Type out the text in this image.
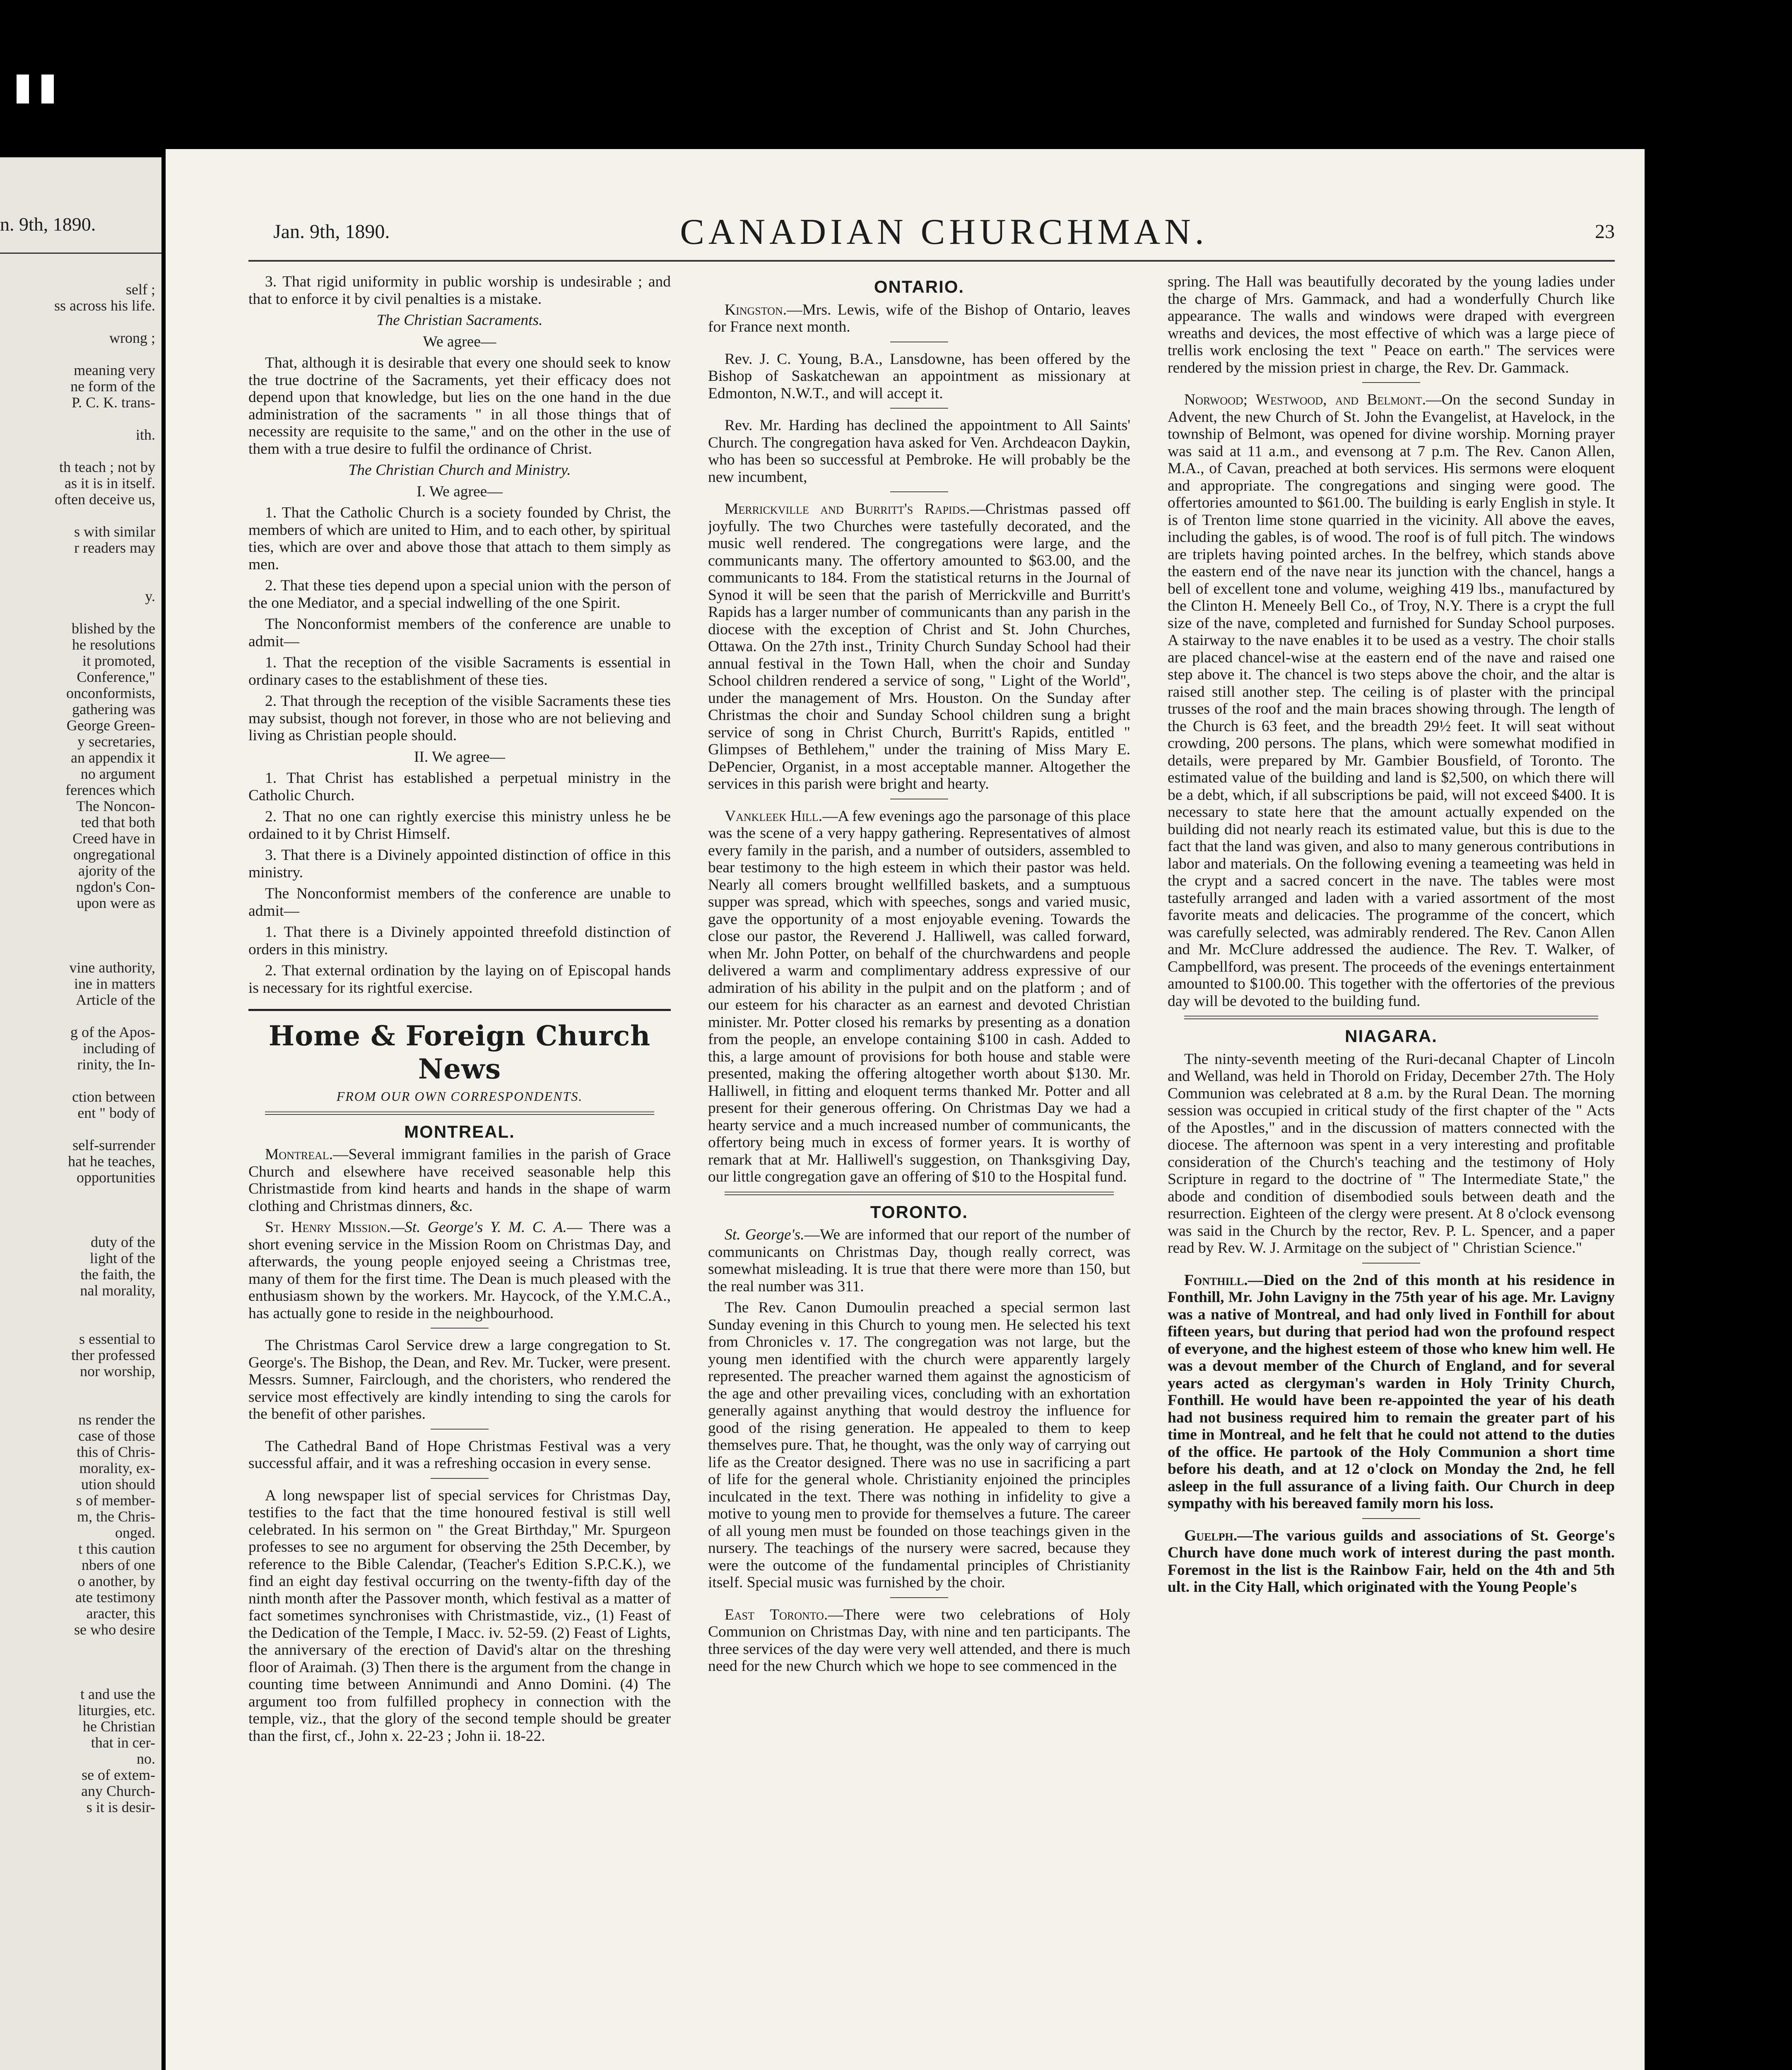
n. 9th, 1890.
self ;
ss across his life.

wrong ;

meaning very
ne form of the
P. C. K. trans-

ith.

th teach ; not by
as it is in itself.
often deceive us,

s with similar
r readers may

y.

blished by the
he resolutions
it promoted,
Conference,"
onconformists,
gathering was
George Green-
y secretaries,
an appendix it
no argument
ferences which
The Noncon-
ted that both
Creed have in
ongregational
ajority of the
ngdon's Con-
upon were as

vine authority,
ine in matters
Article of the

g of the Apos-
including of
rinity, the In-

ction between
ent " body of

self-surrender
hat he teaches,
opportunities

duty of the
light of the
the faith, the
nal morality,

s essential to
ther professed
nor worship,

ns render the
case of those
this of Chris-
morality, ex-
ution should
s of member-
m, the Chris-
onged.
t this caution
nbers of one
o another, by
ate testimony
aracter, this
se who desire

t and use the
liturgies, etc.
he Christian
that in cer-
no.
se of extem-
any Church-
s it is desir-
Jan. 9th, 1890.	CANADIAN CHURCHMAN.	23

3. That rigid uniformity in public worship is undesirable ; and that to enforce it by civil penalties is a mistake.

The Christian Sacraments.

We agree—

That, although it is desirable that every one should seek to know the true doctrine of the Sacraments, yet their efficacy does not depend upon that knowledge, but lies on the one hand in the due administration of the sacraments " in all those things that of necessity are requisite to the same," and on the other in the use of them with a true desire to fulfil the ordinance of Christ.

The Christian Church and Ministry.

I. We agree—

1. That the Catholic Church is a society founded by Christ, the members of which are united to Him, and to each other, by spiritual ties, which are over and above those that attach to them simply as men.

2. That these ties depend upon a special union with the person of the one Mediator, and a special indwelling of the one Spirit.

The Nonconformist members of the conference are unable to admit—

1. That the reception of the visible Sacraments is essential in ordinary cases to the establishment of these ties.

2. That through the reception of the visible Sacraments these ties may subsist, though not forever, in those who are not believing and living as Christian people should.

II. We agree—

1. That Christ has established a perpetual ministry in the Catholic Church.

2. That no one can rightly exercise this ministry unless he be ordained to it by Christ Himself.

3. That there is a Divinely appointed distinction of office in this ministry.

The Nonconformist members of the conference are unable to admit—

1. That there is a Divinely appointed threefold distinction of orders in this ministry.

2. That external ordination by the laying on of Episcopal hands is necessary for its rightful exercise.

Home & Foreign Church News
FROM OUR OWN CORRESPONDENTS.
MONTREAL.

Montreal.—Several immigrant families in the parish of Grace Church and elsewhere have received seasonable help this Christmastide from kind hearts and hands in the shape of warm clothing and Christmas dinners, &c.

St. Henry Mission.—St. George's Y. M. C. A.— There was a short evening service in the Mission Room on Christmas Day, and afterwards, the young people enjoyed seeing a Christmas tree, many of them for the first time. The Dean is much pleased with the enthusiasm shown by the workers. Mr. Haycock, of the Y.M.C.A., has actually gone to reside in the neighbourhood.

The Christmas Carol Service drew a large congregation to St. George's. The Bishop, the Dean, and Rev. Mr. Tucker, were present. Messrs. Sumner, Fairclough, and the choristers, who rendered the service most effectively are kindly intending to sing the carols for the benefit of other parishes.

The Cathedral Band of Hope Christmas Festival was a very successful affair, and it was a refreshing occasion in every sense.

A long newspaper list of special services for Christmas Day, testifies to the fact that the time honoured festival is still well celebrated. In his sermon on " the Great Birthday," Mr. Spurgeon professes to see no argument for observing the 25th December, by reference to the Bible Calendar, (Teacher's Edition S.P.C.K.), we find an eight day festival occurring on the twenty-fifth day of the ninth month after the Passover month, which festival as a matter of fact sometimes synchronises with Christmastide, viz., (1) Feast of the Dedication of the Temple, I Macc. iv. 52-59. (2) Feast of Lights, the anniversary of the erection of David's altar on the threshing floor of Araimah. (3) Then there is the argument from the change in counting time between Annimundi and Anno Domini. (4) The argument too from fulfilled prophecy in connection with the temple, viz., that the glory of the second temple should be greater than the first, cf., John x. 22-23 ; John ii. 18-22.

ONTARIO.

Kingston.—Mrs. Lewis, wife of the Bishop of Ontario, leaves for France next month.

Rev. J. C. Young, B.A., Lansdowne, has been offered by the Bishop of Saskatchewan an appointment as missionary at Edmonton, N.W.T., and will accept it.

Rev. Mr. Harding has declined the appointment to All Saints' Church. The congregation hava asked for Ven. Archdeacon Daykin, who has been so successful at Pembroke. He will probably be the new incumbent,

Merrickville and Burritt's Rapids.—Christmas passed off joyfully. The two Churches were tastefully decorated, and the music well rendered. The congregations were large, and the communicants many. The offertory amounted to $63.00, and the communicants to 184. From the statistical returns in the Journal of Synod it will be seen that the parish of Merrickville and Burritt's Rapids has a larger number of communicants than any parish in the diocese with the exception of Christ and St. John Churches, Ottawa. On the 27th inst., Trinity Church Sunday School had their annual festival in the Town Hall, when the choir and Sunday School children rendered a service of song, " Light of the World", under the management of Mrs. Houston. On the Sunday after Christmas the choir and Sunday School children sung a bright service of song in Christ Church, Burritt's Rapids, entitled " Glimpses of Bethlehem," under the training of Miss Mary E. DePencier, Organist, in a most acceptable manner. Altogether the services in this parish were bright and hearty.

Vankleek Hill.—A few evenings ago the parsonage of this place was the scene of a very happy gathering. Representatives of almost every family in the parish, and a number of outsiders, assembled to bear testimony to the high esteem in which their pastor was held. Nearly all comers brought wellfilled baskets, and a sumptuous supper was spread, which with speeches, songs and varied music, gave the opportunity of a most enjoyable evening. Towards the close our pastor, the Reverend J. Halliwell, was called forward, when Mr. John Potter, on behalf of the churchwardens and people delivered a warm and complimentary address expressive of our admiration of his ability in the pulpit and on the platform ; and of our esteem for his character as an earnest and devoted Christian minister. Mr. Potter closed his remarks by presenting as a donation from the people, an envelope containing $100 in cash. Added to this, a large amount of provisions for both house and stable were presented, making the offering altogether worth about $130. Mr. Halliwell, in fitting and eloquent terms thanked Mr. Potter and all present for their generous offering. On Christmas Day we had a hearty service and a much increased number of communicants, the offertory being much in excess of former years. It is worthy of remark that at Mr. Halliwell's suggestion, on Thanksgiving Day, our little congregation gave an offering of $10 to the Hospital fund.

TORONTO.

St. George's.—We are informed that our report of the number of communicants on Christmas Day, though really correct, was somewhat misleading. It is true that there were more than 150, but the real number was 311.

The Rev. Canon Dumoulin preached a special sermon last Sunday evening in this Church to young men. He selected his text from Chronicles v. 17. The congregation was not large, but the young men identified with the church were apparently largely represented. The preacher warned them against the agnosticism of the age and other prevailing vices, concluding with an exhortation generally against anything that would destroy the influence for good of the rising generation. He appealed to them to keep themselves pure. That, he thought, was the only way of carrying out life as the Creator designed. There was no use in sacrificing a part of life for the general whole. Christianity enjoined the principles inculcated in the text. There was nothing in infidelity to give a motive to young men to provide for themselves a future. The career of all young men must be founded on those teachings given in the nursery. The teachings of the nursery were sacred, because they were the outcome of the fundamental principles of Christianity itself. Special music was furnished by the choir.

East Toronto.—There were two celebrations of Holy Communion on Christmas Day, with nine and ten participants. The three services of the day were very well attended, and there is much need for the new Church which we hope to see commenced in the

spring. The Hall was beautifully decorated by the young ladies under the charge of Mrs. Gammack, and had a wonderfully Church like appearance. The walls and windows were draped with evergreen wreaths and devices, the most effective of which was a large piece of trellis work enclosing the text " Peace on earth." The services were rendered by the mission priest in charge, the Rev. Dr. Gammack.

Norwood; Westwood, and Belmont.—On the second Sunday in Advent, the new Church of St. John the Evangelist, at Havelock, in the township of Belmont, was opened for divine worship. Morning prayer was said at 11 a.m., and evensong at 7 p.m. The Rev. Canon Allen, M.A., of Cavan, preached at both services. His sermons were eloquent and appropriate. The congregations and singing were good. The offertories amounted to $61.00. The building is early English in style. It is of Trenton lime stone quarried in the vicinity. All above the eaves, including the gables, is of wood. The roof is of full pitch. The windows are triplets having pointed arches. In the belfrey, which stands above the eastern end of the nave near its junction with the chancel, hangs a bell of excellent tone and volume, weighing 419 lbs., manufactured by the Clinton H. Meneely Bell Co., of Troy, N.Y. There is a crypt the full size of the nave, completed and furnished for Sunday School purposes. A stairway to the nave enables it to be used as a vestry. The choir stalls are placed chancel-wise at the eastern end of the nave and raised one step above it. The chancel is two steps above the choir, and the altar is raised still another step. The ceiling is of plaster with the principal trusses of the roof and the main braces showing through. The length of the Church is 63 feet, and the breadth 29½ feet. It will seat without crowding, 200 persons. The plans, which were somewhat modified in details, were prepared by Mr. Gambier Bousfield, of Toronto. The estimated value of the building and land is $2,500, on which there will be a debt, which, if all subscriptions be paid, will not exceed $400. It is necessary to state here that the amount actually expended on the building did not nearly reach its estimated value, but this is due to the fact that the land was given, and also to many generous contributions in labor and materials. On the following evening a teameeting was held in the crypt and a sacred concert in the nave. The tables were most tastefully arranged and laden with a varied assortment of the most favorite meats and delicacies. The programme of the concert, which was carefully selected, was admirably rendered. The Rev. Canon Allen and Mr. McClure addressed the audience. The Rev. T. Walker, of Campbellford, was present. The proceeds of the evenings entertainment amounted to $100.00. This together with the offertories of the previous day will be devoted to the building fund.

NIAGARA.

The ninty-seventh meeting of the Ruri-decanal Chapter of Lincoln and Welland, was held in Thorold on Friday, December 27th. The Holy Communion was celebrated at 8 a.m. by the Rural Dean. The morning session was occupied in critical study of the first chapter of the " Acts of the Apostles," and in the discussion of matters connected with the diocese. The afternoon was spent in a very interesting and profitable consideration of the Church's teaching and the testimony of Holy Scripture in regard to the doctrine of " The Intermediate State," the abode and condition of disembodied souls between death and the resurrection. Eighteen of the clergy were present. At 8 o'clock evensong was said in the Church by the rector, Rev. P. L. Spencer, and a paper read by Rev. W. J. Armitage on the subject of " Christian Science."

Fonthill.—Died on the 2nd of this month at his residence in Fonthill, Mr. John Lavigny in the 75th year of his age. Mr. Lavigny was a native of Montreal, and had only lived in Fonthill for about fifteen years, but during that period had won the profound respect of everyone, and the highest esteem of those who knew him well. He was a devout member of the Church of England, and for several years acted as clergyman's warden in Holy Trinity Church, Fonthill. He would have been re-appointed the year of his death had not business required him to remain the greater part of his time in Montreal, and he felt that he could not attend to the duties of the office. He partook of the Holy Communion a short time before his death, and at 12 o'clock on Monday the 2nd, he fell asleep in the full assurance of a living faith. Our Church in deep sympathy with his bereaved family morn his loss.

Guelph.—The various guilds and associations of St. George's Church have done much work of interest during the past month. Foremost in the list is the Rainbow Fair, held on the 4th and 5th ult. in the City Hall, which originated with the Young People's
